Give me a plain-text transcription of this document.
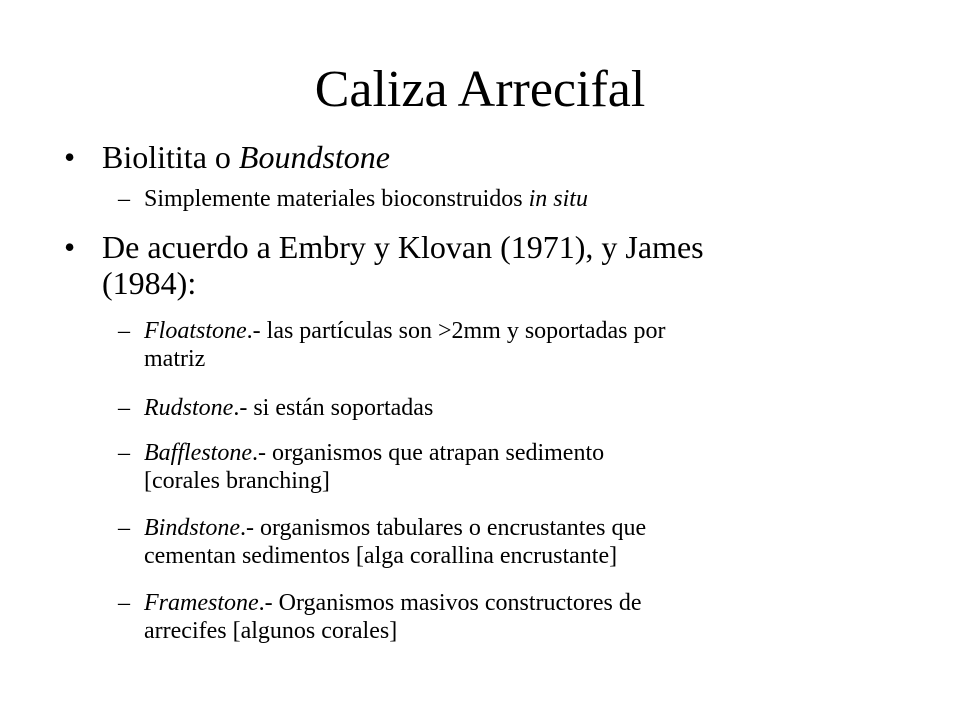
Caliza Arrecifal
• Biolitita o Boundstone
– Simplemente materiales bioconstruidos in situ
• De acuerdo a Embry y Klovan (1971), y James
(1984):
– Floatstone.- las partículas son >2mm y soportadas por
matriz
– Rudstone.- si están soportadas
– Bafflestone.- organismos que atrapan sedimento
[corales branching]
– Bindstone.- organismos tabulares o encrustantes que
cementan sedimentos [alga corallina encrustante]
– Framestone.- Organismos masivos constructores de
arrecifes [algunos corales]
